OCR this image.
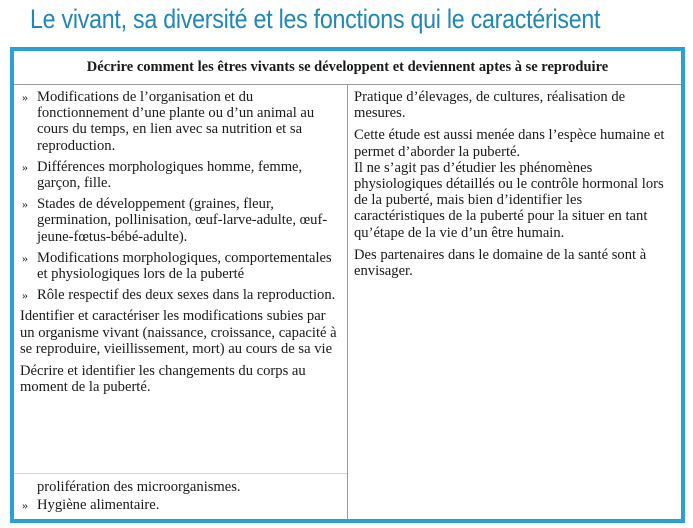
Le vivant, sa diversité et les fonctions qui le caractérisent
Décrire comment les êtres vivants se développent et deviennent aptes à se reproduire
» Modifications de l’organisation et du fonctionnement d’une plante ou d’un animal au cours du temps, en lien avec sa nutrition et sa reproduction.
» Différences morphologiques homme, femme, garçon, fille.
» Stades de développement (graines, fleur, germination, pollinisation, œuf-larve-adulte, œuf-jeune-fœtus-bébé-adulte).
» Modifications morphologiques, comportementales et physiologiques lors de la puberté
» Rôle respectif des deux sexes dans la reproduction.
Identifier et caractériser les modifications subies par un organisme vivant (naissance, croissance, capacité à se reproduire, vieillissement, mort) au cours de sa vie
Décrire et identifier les changements du corps au moment de la puberté.
prolifération des microorganismes.
» Hygiène alimentaire.
Pratique d’élevages, de cultures, réalisation de mesures.
Cette étude est aussi menée dans l’espèce humaine et permet d’aborder la puberté.
Il ne s’agit pas d’étudier les phénomènes physiologiques détaillés ou le contrôle hormonal lors de la puberté, mais bien d’identifier les caractéristiques de la puberté pour la situer en tant qu’étape de la vie d’un être humain.
Des partenaires dans le domaine de la santé sont à envisager.
